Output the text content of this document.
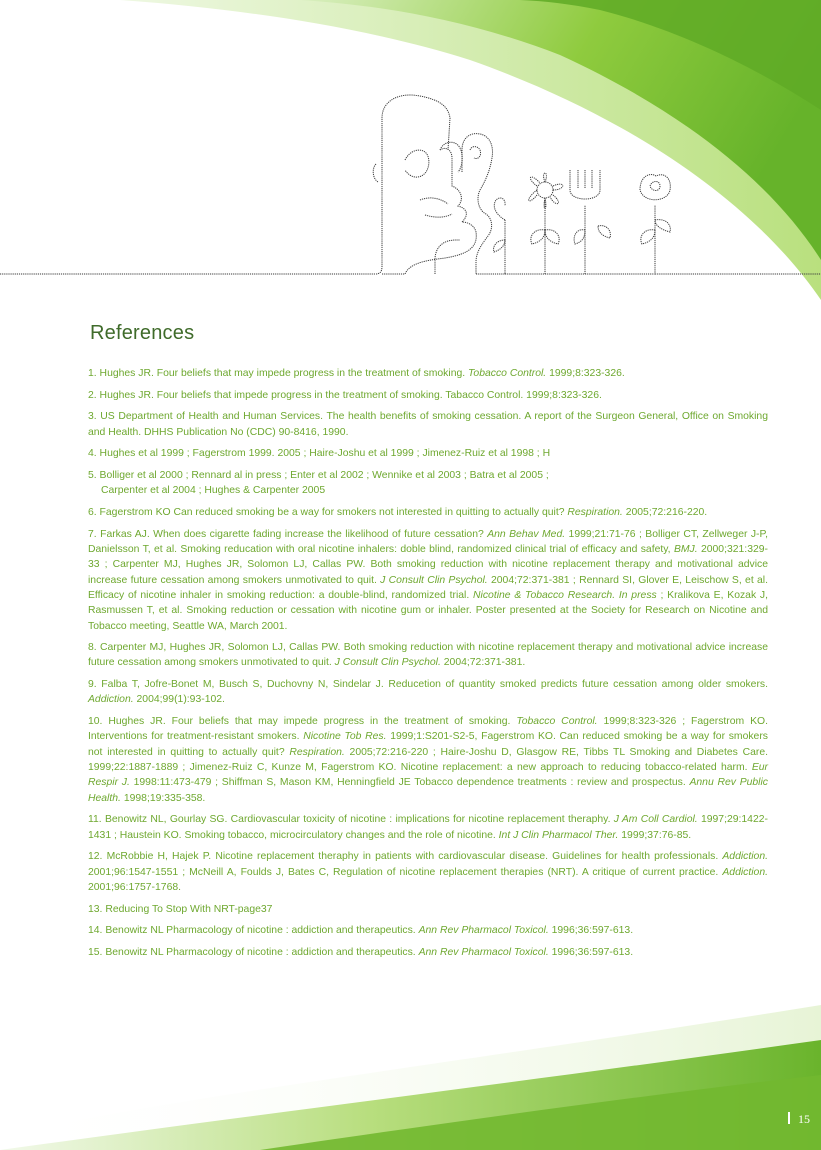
References
1. Hughes JR. Four beliefs that may impede progress in the treatment of smoking. Tobacco Control. 1999;8:323-326.
2. Hughes JR. Four beliefs that impede progress in the treatment of smoking. Tabacco Control. 1999;8:323-326.
3. US Department of Health and Human Services. The health benefits of smoking cessation. A report of the Surgeon General, Office on Smoking and Health. DHHS Publication No (CDC) 90-8416, 1990.
4. Hughes et al 1999 ; Fagerstrom 1999. 2005 ; Haire-Joshu et al 1999 ; Jimenez-Ruiz et al 1998 ; H
5. Bolliger et al 2000 ; Rennard al in press ; Enter et al 2002 ; Wennike et al 2003 ; Batra et al 2005 ;
Carpenter et al 2004 ; Hughes & Carpenter 2005
6. Fagerstrom KO Can reduced smoking be a way for smokers not interested in quitting to actually quit? Respiration. 2005;72:216-220.
7. Farkas AJ. When does cigarette fading increase the likelihood of future cessation? Ann Behav Med. 1999;21:71-76 ; Bolliger CT, Zellweger J-P, Danielsson T, et al. Smoking reducation with oral nicotine inhalers: doble blind, randomized clinical trial of efficacy and safety, BMJ. 2000;321:329-33 ; Carpenter MJ, Hughes JR, Solomon LJ, Callas PW. Both smoking reduction with nicotine replacement therapy and motivational advice increase future cessation among smokers unmotivated to quit. J Consult Clin Psychol. 2004;72:371-381 ; Rennard SI, Glover E, Leischow S, et al. Efficacy of nicotine inhaler in smoking reduction: a double-blind, randomized trial. Nicotine & Tobacco Research. In press ; Kralikova E, Kozak J, Rasmussen T, et al. Smoking reduction or cessation with nicotine gum or inhaler. Poster presented at the Society for Research on Nicotine and Tobacco meeting, Seattle WA, March 2001.
8. Carpenter MJ, Hughes JR, Solomon LJ, Callas PW. Both smoking reduction with nicotine replacement therapy and motivational advice increase future cessation among smokers unmotivated to quit. J Consult Clin Psychol. 2004;72:371-381.
9. Falba T, Jofre-Bonet M, Busch S, Duchovny N, Sindelar J. Reducetion of quantity smoked predicts future cessation among older smokers. Addiction. 2004;99(1):93-102.
10. Hughes JR. Four beliefs that may impede progress in the treatment of smoking. Tobacco Control. 1999;8:323-326 ; Fagerstrom KO. Interventions for treatment-resistant smokers. Nicotine Tob Res. 1999;1:S201-S2-5, Fagerstrom KO. Can reduced smoking be a way for smokers not interested in quitting to actually quit? Respiration. 2005;72:216-220 ; Haire-Joshu D, Glasgow RE, Tibbs TL Smoking and Diabetes Care. 1999;22:1887-1889 ; Jimenez-Ruiz C, Kunze M, Fagerstrom KO. Nicotine replacement: a new approach to reducing tobacco-related harm. Eur Respir J. 1998:11:473-479 ; Shiffman S, Mason KM, Henningfield JE Tobacco dependence treatments : review and prospectus. Annu Rev Public Health. 1998;19:335-358.
11. Benowitz NL, Gourlay SG. Cardiovascular toxicity of nicotine : implications for nicotine replacement theraphy. J Am Coll Cardiol. 1997;29:1422-1431 ; Haustein KO. Smoking tobacco, microcirculatory changes and the role of nicotine. Int J Clin Pharmacol Ther. 1999;37:76-85.
12. McRobbie H, Hajek P. Nicotine replacement theraphy in patients with cardiovascular disease. Guidelines for health professionals. Addiction. 2001;96:1547-1551 ; McNeill A, Foulds J, Bates C, Regulation of nicotine replacement therapies (NRT). A critique of current practice. Addiction. 2001;96:1757-1768.
13. Reducing To Stop With NRT-page37
14. Benowitz NL Pharmacology of nicotine : addiction and therapeutics. Ann Rev Pharmacol Toxicol. 1996;36:597-613.
15. Benowitz NL Pharmacology of nicotine : addiction and therapeutics. Ann Rev Pharmacol Toxicol. 1996;36:597-613.
15
